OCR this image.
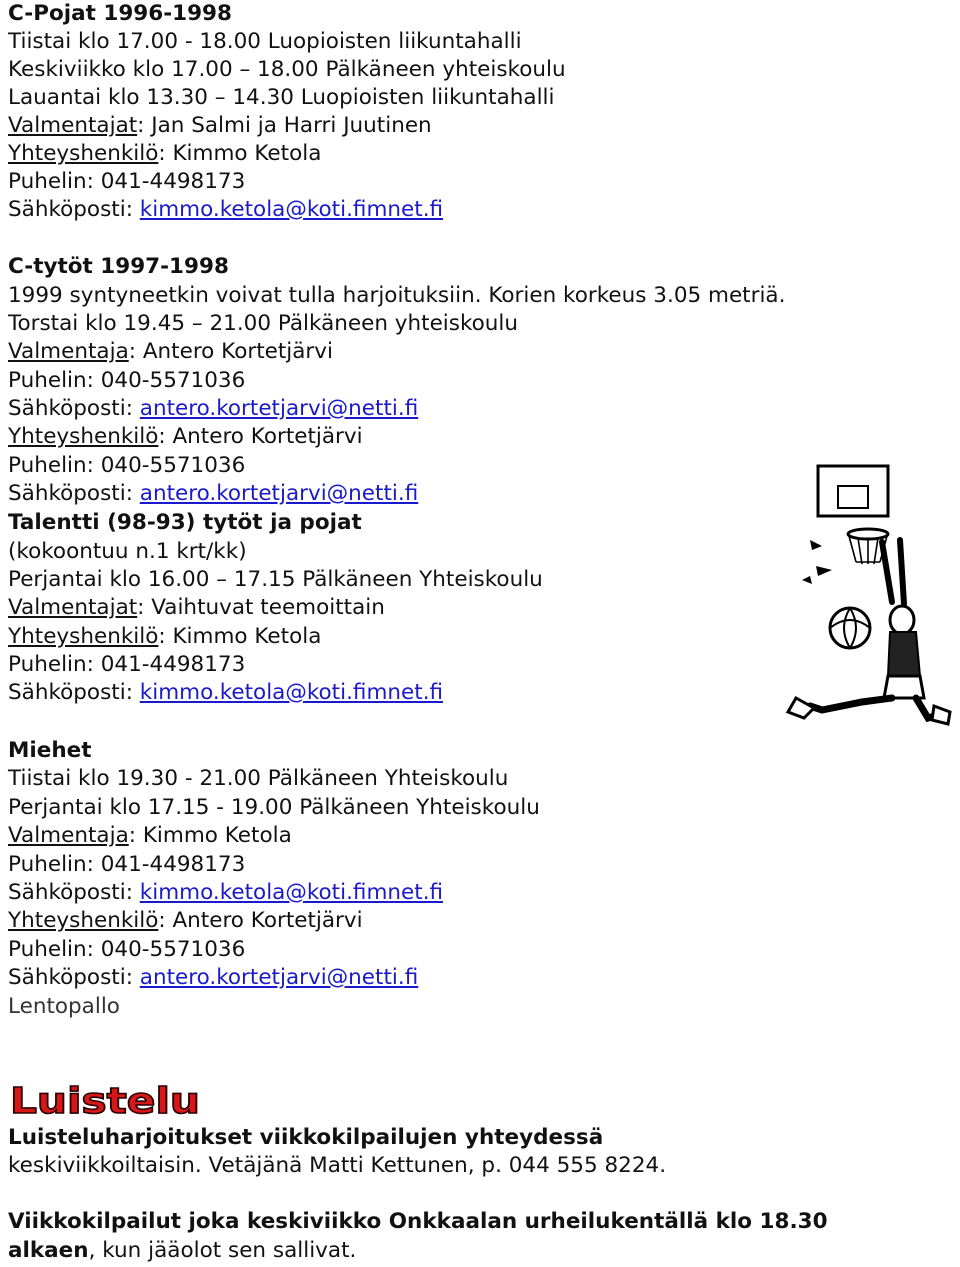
C-Pojat 1996-1998
Tiistai klo 17.00 - 18.00 Luopioisten liikuntahalli
Keskiviikko klo 17.00 – 18.00 Pälkäneen yhteiskoulu
Lauantai klo 13.30 – 14.30 Luopioisten liikuntahalli
Valmentajat: Jan Salmi ja Harri Juutinen
Yhteyshenkilö: Kimmo Ketola
Puhelin: 041-4498173
Sähköposti: kimmo.ketola@koti.fimnet.fi
C-tytöt 1997-1998
1999 syntyneetkin voivat tulla harjoituksiin. Korien korkeus 3.05 metriä.
Torstai klo 19.45 – 21.00 Pälkäneen yhteiskoulu
Valmentaja: Antero Kortetjärvi
Puhelin: 040-5571036
Sähköposti: antero.kortetjarvi@netti.fi
Yhteyshenkilö: Antero Kortetjärvi
Puhelin: 040-5571036
Sähköposti: antero.kortetjarvi@netti.fi
Talentti (98-93) tytöt ja pojat
(kokoontuu n.1 krt/kk)
Perjantai klo 16.00 – 17.15 Pälkäneen Yhteiskoulu
Valmentajat: Vaihtuvat teemoittain
Yhteyshenkilö: Kimmo Ketola
Puhelin: 041-4498173
Sähköposti: kimmo.ketola@koti.fimnet.fi
Miehet
Tiistai klo 19.30 - 21.00 Pälkäneen Yhteiskoulu
Perjantai klo 17.15 - 19.00 Pälkäneen Yhteiskoulu
Valmentaja: Kimmo Ketola
Puhelin: 041-4498173
Sähköposti: kimmo.ketola@koti.fimnet.fi
Yhteyshenkilö: Antero Kortetjärvi
Puhelin: 040-5571036
Sähköposti: antero.kortetjarvi@netti.fi
Lentopallo
Luisteluharjoitukset viikkokilpailujen yhteydessä
keskiviikkoiltaisin. Vetäjänä Matti Kettunen, p. 044 555 8224.
Viikkokilpailut joka keskiviikko Onkkaalan urheilukentällä klo 18.30
alkaen, kun jääolot sen sallivat.
Luistelu
